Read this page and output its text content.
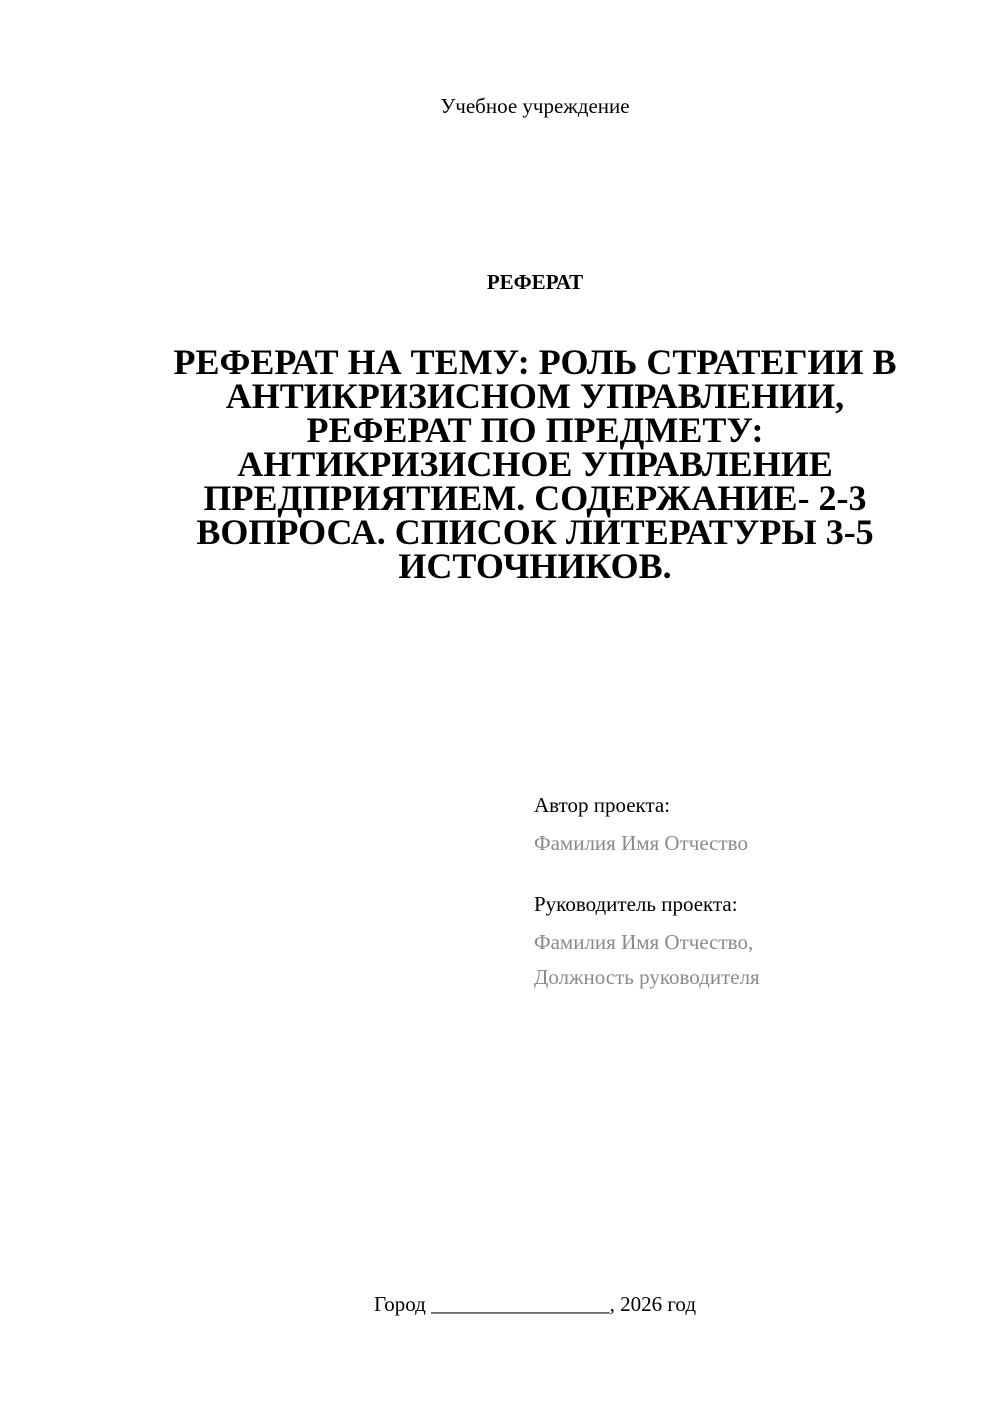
Учебное учреждение
РЕФЕРАТ
РЕФЕРАТ НА ТЕМУ: РОЛЬ СТРАТЕГИИ В АНТИКРИЗИСНОМ УПРАВЛЕНИИ, РЕФЕРАТ ПО ПРЕДМЕТУ: АНТИКРИЗИСНОЕ УПРАВЛЕНИЕ ПРЕДПРИЯТИЕМ. СОДЕРЖАНИЕ- 2-3 ВОПРОСА. СПИСОК ЛИТЕРАТУРЫ 3-5 ИСТОЧНИКОВ.
Автор проекта:
Фамилия Имя Отчество
Руководитель проекта:
Фамилия Имя Отчество,
Должность руководителя
Город _________________, 2026 год
